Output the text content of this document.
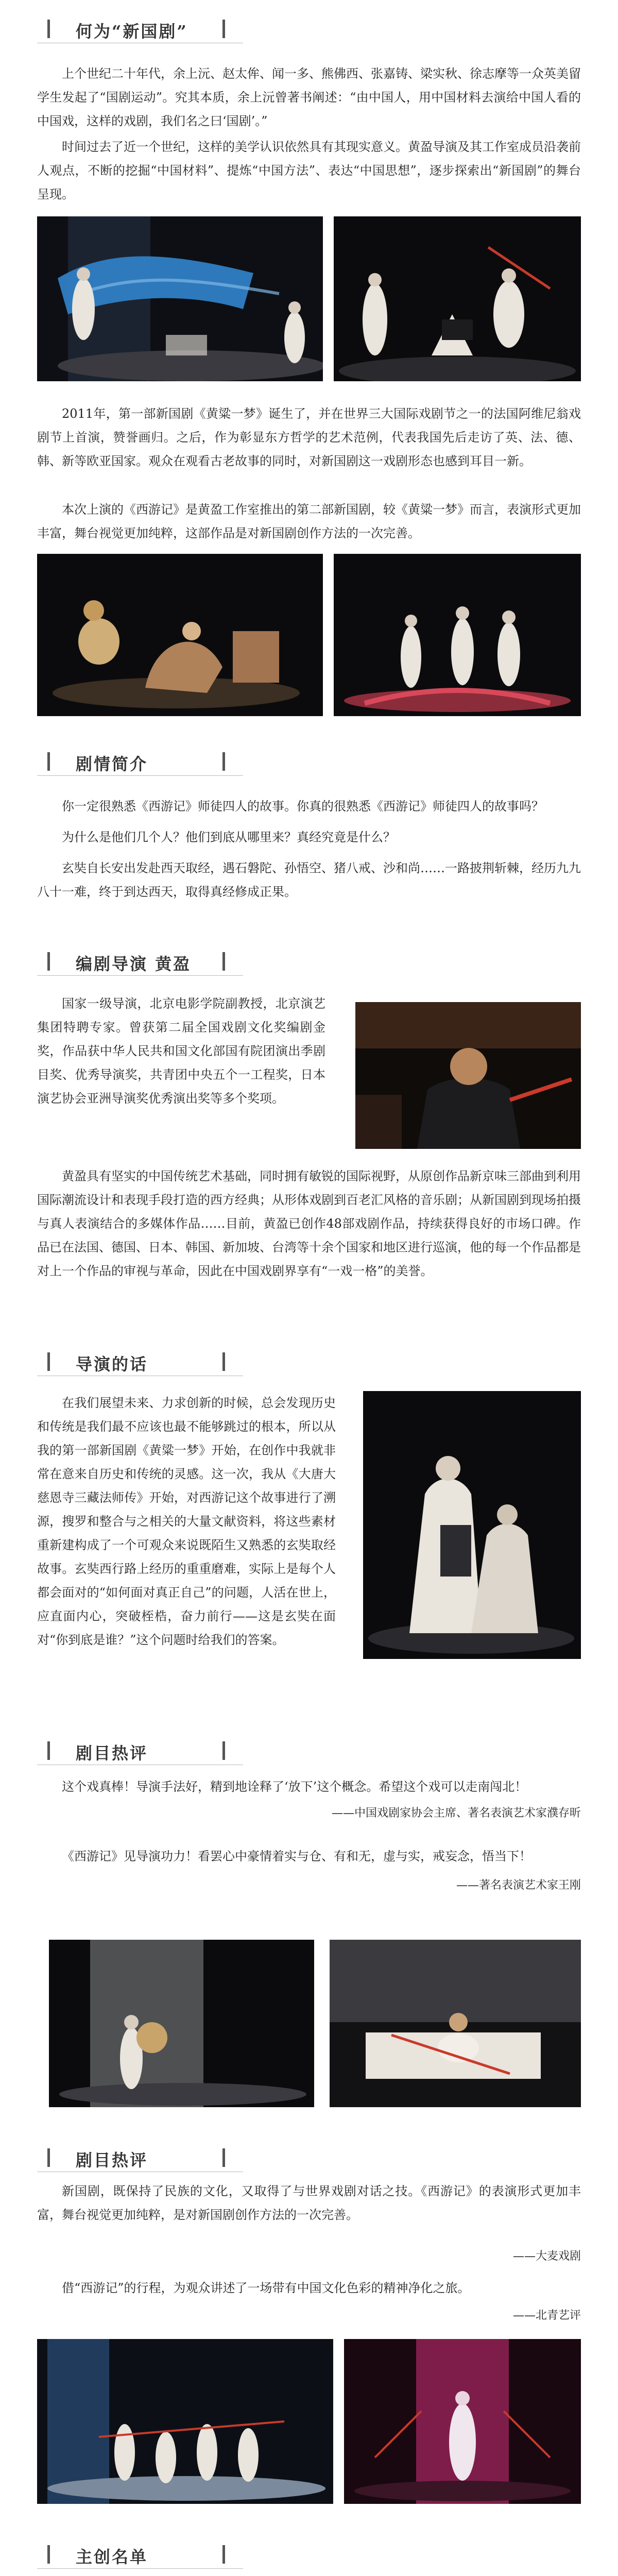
何为“新国剧”

上个世纪二十年代，余上沅、赵太侔、闻一多、熊佛西、张嘉铸、梁实秋、徐志摩等一众英美留学生发起了“国剧运动”。究其本质，余上沅曾著书阐述：“由中国人，用中国材料去演给中国人看的中国戏，这样的戏剧，我们名之曰‘国剧’。”

时间过去了近一个世纪，这样的美学认识依然具有其现实意义。黄盈导演及其工作室成员沿袭前人观点，不断的挖掘“中国材料”、提炼“中国方法”、表达“中国思想”，逐步探索出“新国剧”的舞台呈现。

2011年，第一部新国剧《黄粱一梦》诞生了，并在世界三大国际戏剧节之一的法国阿维尼翁戏剧节上首演，赞誉画归。之后，作为彰显东方哲学的艺术范例，代表我国先后走访了英、法、德、韩、新等欧亚国家。观众在观看古老故事的同时，对新国剧这一戏剧形态也感到耳目一新。

本次上演的《西游记》是黄盈工作室推出的第二部新国剧，较《黄粱一梦》而言，表演形式更加丰富，舞台视觉更加纯粹，这部作品是对新国剧创作方法的一次完善。

剧情简介

你一定很熟悉《西游记》师徒四人的故事。你真的很熟悉《西游记》师徒四人的故事吗？

为什么是他们几个人？他们到底从哪里来？真经究竟是什么？

玄奘自长安出发赴西天取经，遇石磐陀、孙悟空、猪八戒、沙和尚……一路披荆斩棘，经历九九八十一难，终于到达西天，取得真经修成正果。

编剧导演 黄盈

国家一级导演，北京电影学院副教授，北京演艺集团特聘专家。曾获第二届全国戏剧文化奖编剧金奖，作品获中华人民共和国文化部国有院团演出季剧目奖、优秀导演奖，共青团中央五个一工程奖，日本演艺协会亚洲导演奖优秀演出奖等多个奖项。

黄盈具有坚实的中国传统艺术基础，同时拥有敏锐的国际视野，从原创作品新京味三部曲到利用国际潮流设计和表现手段打造的西方经典；从形体戏剧到百老汇风格的音乐剧；从新国剧到现场拍摄与真人表演结合的多媒体作品……目前，黄盈已创作48部戏剧作品，持续获得良好的市场口碑。作品已在法国、德国、日本、韩国、新加坡、台湾等十余个国家和地区进行巡演，他的每一个作品都是对上一个作品的审视与革命，因此在中国戏剧界享有“一戏一格”的美誉。

导演的话

在我们展望未来、力求创新的时候，总会发现历史和传统是我们最不应该也最不能够跳过的根本，所以从我的第一部新国剧《黄粱一梦》开始，在创作中我就非常在意来自历史和传统的灵感。这一次，我从《大唐大慈恩寺三藏法师传》开始，对西游记这个故事进行了溯源，搜罗和整合与之相关的大量文献资料，将这些素材重新建构成了一个可观众来说既陌生又熟悉的玄奘取经故事。玄奘西行路上经历的重重磨难，实际上是每个人都会面对的“如何面对真正自己”的问题，人活在世上，应直面内心，突破桎梏，奋力前行——这是玄奘在面对“你到底是谁？”这个问题时给我们的答案。

剧目热评

这个戏真棒！导演手法好，精到地诠释了‘放下’这个概念。希望这个戏可以走南闯北！

——中国戏剧家协会主席、著名表演艺术家濮存昕

《西游记》见导演功力！看罢心中豪情着实与仓、有和无，虚与实，戒妄念，悟当下！

——著名表演艺术家王刚
剧目热评

新国剧，既保持了民族的文化，又取得了与世界戏剧对话之技。《西游记》的表演形式更加丰富，舞台视觉更加纯粹，是对新国剧创作方法的一次完善。

——大麦戏剧

借“西游记”的行程，为观众讲述了一场带有中国文化色彩的精神净化之旅。

——北青艺评
主创名单
